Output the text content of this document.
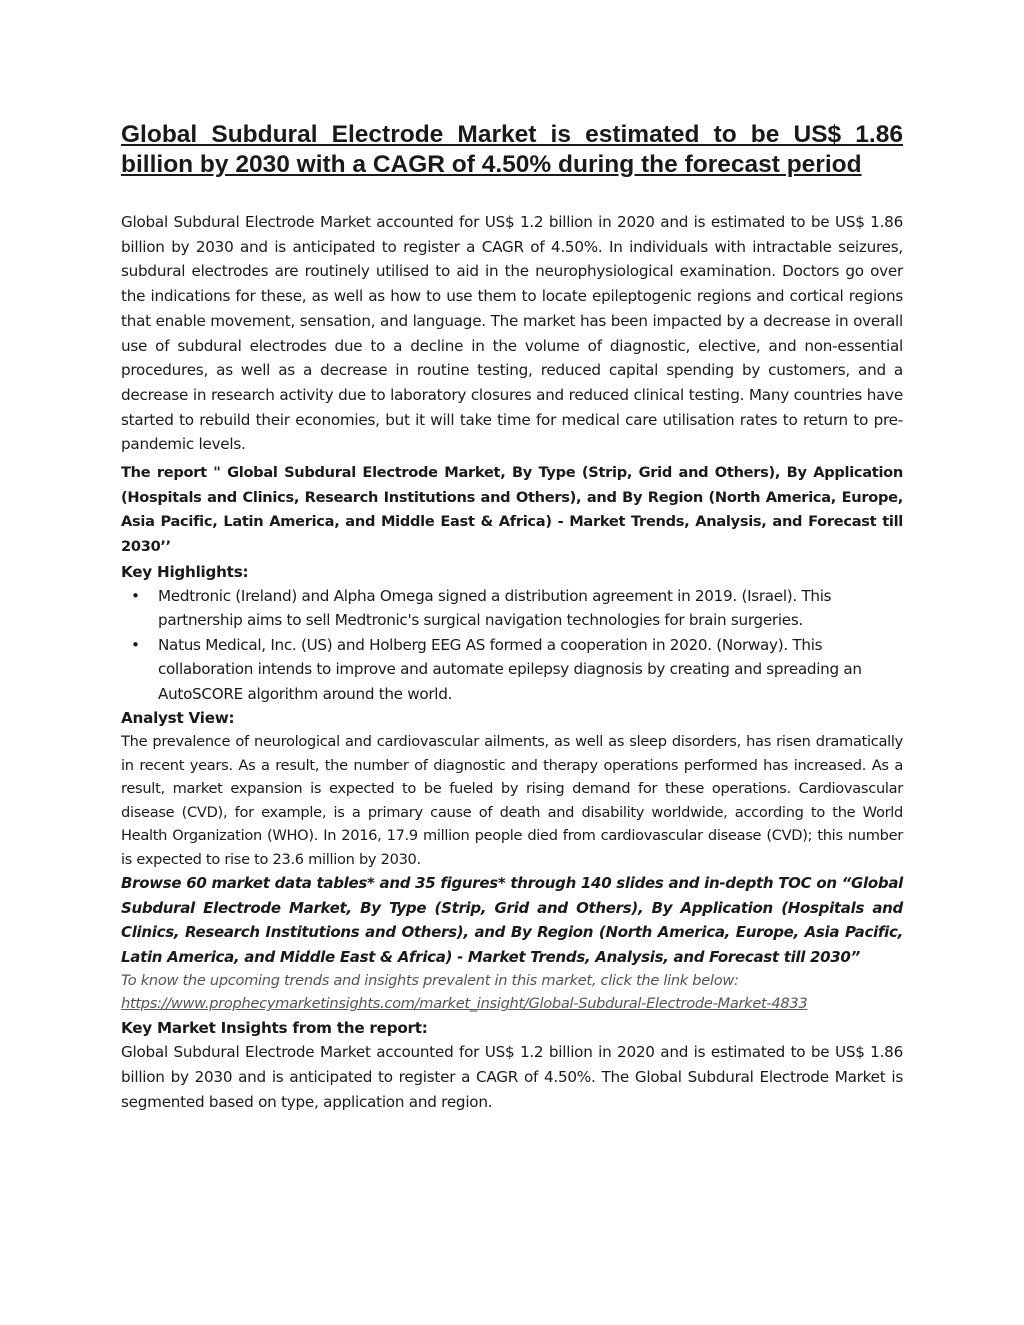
Global Subdural Electrode Market is estimated to be US$ 1.86 billion by 2030 with a CAGR of 4.50% during the forecast period

Global Subdural Electrode Market accounted for US$ 1.2 billion in 2020 and is estimated to be US$ 1.86 billion by 2030 and is anticipated to register a CAGR of 4.50%. In individuals with intractable seizures, subdural electrodes are routinely utilised to aid in the neurophysiological examination. Doctors go over the indications for these, as well as how to use them to locate epileptogenic regions and cortical regions that enable movement, sensation, and language. The market has been impacted by a decrease in overall use of subdural electrodes due to a decline in the volume of diagnostic, elective, and non-essential procedures, as well as a decrease in routine testing, reduced capital spending by customers, and a decrease in research activity due to laboratory closures and reduced clinical testing. Many countries have started to rebuild their economies, but it will take time for medical care utilisation rates to return to pre-pandemic levels.

The report " Global Subdural Electrode Market, By Type (Strip, Grid and Others), By Application (Hospitals and Clinics, Research Institutions and Others), and By Region (North America, Europe, Asia Pacific, Latin America, and Middle East & Africa) - Market Trends, Analysis, and Forecast till 2030’’

Key Highlights:
• Medtronic (Ireland) and Alpha Omega signed a distribution agreement in 2019. (Israel). This partnership aims to sell Medtronic's surgical navigation technologies for brain surgeries.
• Natus Medical, Inc. (US) and Holberg EEG AS formed a cooperation in 2020. (Norway). This collaboration intends to improve and automate epilepsy diagnosis by creating and spreading an AutoSCORE algorithm around the world.
Analyst View:

The prevalence of neurological and cardiovascular ailments, as well as sleep disorders, has risen dramatically in recent years. As a result, the number of diagnostic and therapy operations performed has increased. As a result, market expansion is expected to be fueled by rising demand for these operations. Cardiovascular disease (CVD), for example, is a primary cause of death and disability worldwide, according to the World Health Organization (WHO). In 2016, 17.9 million people died from cardiovascular disease (CVD); this number is expected to rise to 23.6 million by 2030.

Browse 60 market data tables* and 35 figures* through 140 slides and in-depth TOC on “Global Subdural Electrode Market, By Type (Strip, Grid and Others), By Application (Hospitals and Clinics, Research Institutions and Others), and By Region (North America, Europe, Asia Pacific, Latin America, and Middle East & Africa) - Market Trends, Analysis, and Forecast till 2030”

To know the upcoming trends and insights prevalent in this market, click the link below:

https://www.prophecymarketinsights.com/market_insight/Global-Subdural-Electrode-Market-4833
Key Market Insights from the report:

Global Subdural Electrode Market accounted for US$ 1.2 billion in 2020 and is estimated to be US$ 1.86 billion by 2030 and is anticipated to register a CAGR of 4.50%. The Global Subdural Electrode Market is segmented based on type, application and region.
